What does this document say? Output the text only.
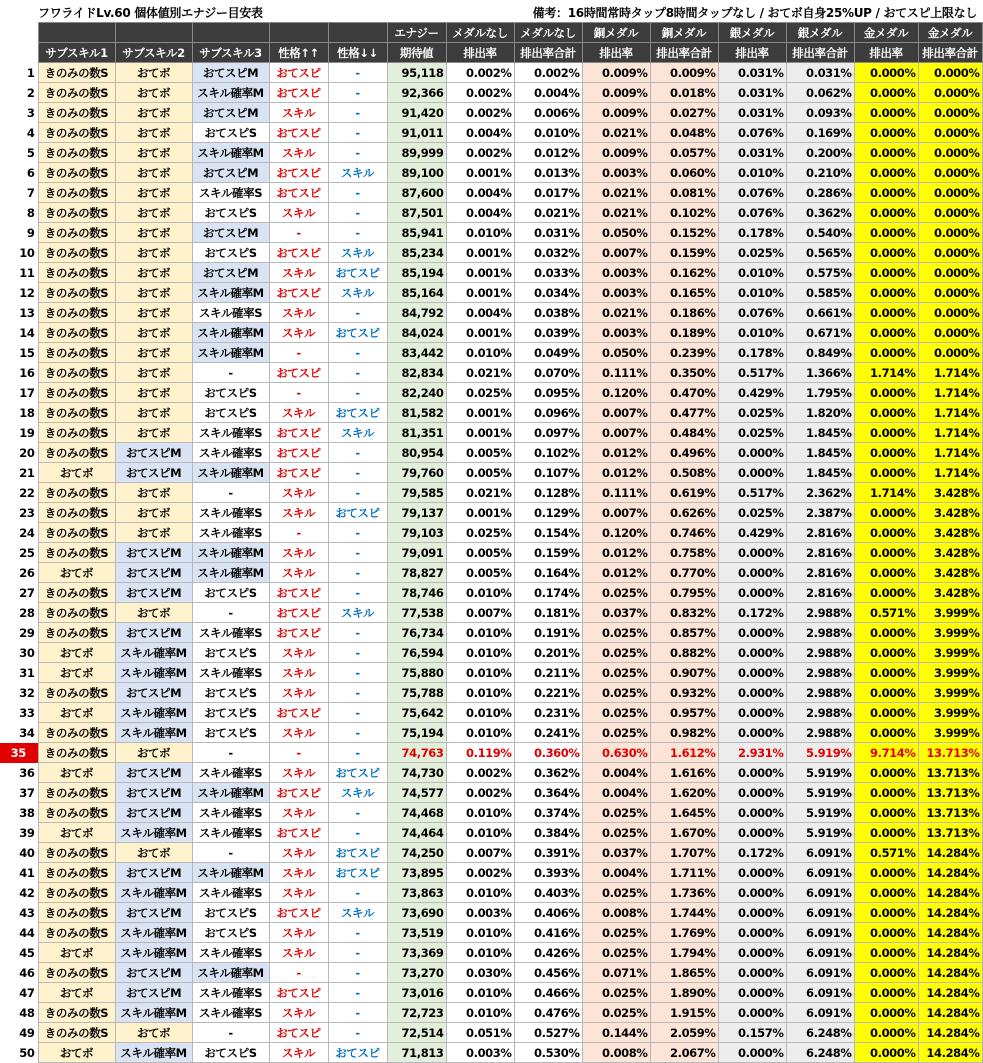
フワライドLv.60 個体値別エナジー目安表	備考：16時間常時タップ8時間タップなし / おてボ自身25%UP / おてスピ上限なし
						エナジー	メダルなし	メダルなし	銅メダル	銅メダル	銀メダル	銀メダル	金メダル	金メダル
	サブスキル1	サブスキル2	サブスキル3	性格↑↑	性格↓↓	期待値	排出率	排出率合計	排出率	排出率合計	排出率	排出率合計	排出率	排出率合計
1	きのみの数S	おてボ	おてスピM	おてスピ	-	95,118	0.002%	0.002%	0.009%	0.009%	0.031%	0.031%	0.000%	0.000%
2	きのみの数S	おてボ	スキル確率M	おてスピ	-	92,366	0.002%	0.004%	0.009%	0.018%	0.031%	0.062%	0.000%	0.000%
3	きのみの数S	おてボ	おてスピM	スキル	-	91,420	0.002%	0.006%	0.009%	0.027%	0.031%	0.093%	0.000%	0.000%
4	きのみの数S	おてボ	おてスピS	おてスピ	-	91,011	0.004%	0.010%	0.021%	0.048%	0.076%	0.169%	0.000%	0.000%
5	きのみの数S	おてボ	スキル確率M	スキル	-	89,999	0.002%	0.012%	0.009%	0.057%	0.031%	0.200%	0.000%	0.000%
6	きのみの数S	おてボ	おてスピM	おてスピ	スキル	89,100	0.001%	0.013%	0.003%	0.060%	0.010%	0.210%	0.000%	0.000%
7	きのみの数S	おてボ	スキル確率S	おてスピ	-	87,600	0.004%	0.017%	0.021%	0.081%	0.076%	0.286%	0.000%	0.000%
8	きのみの数S	おてボ	おてスピS	スキル	-	87,501	0.004%	0.021%	0.021%	0.102%	0.076%	0.362%	0.000%	0.000%
9	きのみの数S	おてボ	おてスピM	-	-	85,941	0.010%	0.031%	0.050%	0.152%	0.178%	0.540%	0.000%	0.000%
10	きのみの数S	おてボ	おてスピS	おてスピ	スキル	85,234	0.001%	0.032%	0.007%	0.159%	0.025%	0.565%	0.000%	0.000%
11	きのみの数S	おてボ	おてスピM	スキル	おてスピ	85,194	0.001%	0.033%	0.003%	0.162%	0.010%	0.575%	0.000%	0.000%
12	きのみの数S	おてボ	スキル確率M	おてスピ	スキル	85,164	0.001%	0.034%	0.003%	0.165%	0.010%	0.585%	0.000%	0.000%
13	きのみの数S	おてボ	スキル確率S	スキル	-	84,792	0.004%	0.038%	0.021%	0.186%	0.076%	0.661%	0.000%	0.000%
14	きのみの数S	おてボ	スキル確率M	スキル	おてスピ	84,024	0.001%	0.039%	0.003%	0.189%	0.010%	0.671%	0.000%	0.000%
15	きのみの数S	おてボ	スキル確率M	-	-	83,442	0.010%	0.049%	0.050%	0.239%	0.178%	0.849%	0.000%	0.000%
16	きのみの数S	おてボ	-	おてスピ	-	82,834	0.021%	0.070%	0.111%	0.350%	0.517%	1.366%	1.714%	1.714%
17	きのみの数S	おてボ	おてスピS	-	-	82,240	0.025%	0.095%	0.120%	0.470%	0.429%	1.795%	0.000%	1.714%
18	きのみの数S	おてボ	おてスピS	スキル	おてスピ	81,582	0.001%	0.096%	0.007%	0.477%	0.025%	1.820%	0.000%	1.714%
19	きのみの数S	おてボ	スキル確率S	おてスピ	スキル	81,351	0.001%	0.097%	0.007%	0.484%	0.025%	1.845%	0.000%	1.714%
20	きのみの数S	おてスピM	スキル確率S	おてスピ	-	80,954	0.005%	0.102%	0.012%	0.496%	0.000%	1.845%	0.000%	1.714%
21	おてボ	おてスピM	スキル確率M	おてスピ	-	79,760	0.005%	0.107%	0.012%	0.508%	0.000%	1.845%	0.000%	1.714%
22	きのみの数S	おてボ	-	スキル	-	79,585	0.021%	0.128%	0.111%	0.619%	0.517%	2.362%	1.714%	3.428%
23	きのみの数S	おてボ	スキル確率S	スキル	おてスピ	79,137	0.001%	0.129%	0.007%	0.626%	0.025%	2.387%	0.000%	3.428%
24	きのみの数S	おてボ	スキル確率S	-	-	79,103	0.025%	0.154%	0.120%	0.746%	0.429%	2.816%	0.000%	3.428%
25	きのみの数S	おてスピM	スキル確率M	スキル	-	79,091	0.005%	0.159%	0.012%	0.758%	0.000%	2.816%	0.000%	3.428%
26	おてボ	おてスピM	スキル確率M	スキル	-	78,827	0.005%	0.164%	0.012%	0.770%	0.000%	2.816%	0.000%	3.428%
27	きのみの数S	おてスピM	おてスピS	おてスピ	-	78,746	0.010%	0.174%	0.025%	0.795%	0.000%	2.816%	0.000%	3.428%
28	きのみの数S	おてボ	-	おてスピ	スキル	77,538	0.007%	0.181%	0.037%	0.832%	0.172%	2.988%	0.571%	3.999%
29	きのみの数S	おてスピM	スキル確率S	おてスピ	-	76,734	0.010%	0.191%	0.025%	0.857%	0.000%	2.988%	0.000%	3.999%
30	おてボ	スキル確率M	おてスピS	スキル	-	76,594	0.010%	0.201%	0.025%	0.882%	0.000%	2.988%	0.000%	3.999%
31	おてボ	スキル確率M	スキル確率S	スキル	-	75,880	0.010%	0.211%	0.025%	0.907%	0.000%	2.988%	0.000%	3.999%
32	きのみの数S	おてスピM	おてスピS	スキル	-	75,788	0.010%	0.221%	0.025%	0.932%	0.000%	2.988%	0.000%	3.999%
33	おてボ	スキル確率M	おてスピS	おてスピ	-	75,642	0.010%	0.231%	0.025%	0.957%	0.000%	2.988%	0.000%	3.999%
34	きのみの数S	スキル確率M	おてスピS	スキル	-	75,194	0.010%	0.241%	0.025%	0.982%	0.000%	2.988%	0.000%	3.999%
35	きのみの数S	おてボ	-	-	-	74,763	0.119%	0.360%	0.630%	1.612%	2.931%	5.919%	9.714%	13.713%
36	おてボ	おてスピM	スキル確率S	スキル	おてスピ	74,730	0.002%	0.362%	0.004%	1.616%	0.000%	5.919%	0.000%	13.713%
37	きのみの数S	おてスピM	スキル確率M	おてスピ	スキル	74,577	0.002%	0.364%	0.004%	1.620%	0.000%	5.919%	0.000%	13.713%
38	きのみの数S	おてスピM	スキル確率S	スキル	-	74,468	0.010%	0.374%	0.025%	1.645%	0.000%	5.919%	0.000%	13.713%
39	おてボ	スキル確率M	スキル確率S	おてスピ	-	74,464	0.010%	0.384%	0.025%	1.670%	0.000%	5.919%	0.000%	13.713%
40	きのみの数S	おてボ	-	スキル	おてスピ	74,250	0.007%	0.391%	0.037%	1.707%	0.172%	6.091%	0.571%	14.284%
41	きのみの数S	おてスピM	スキル確率M	スキル	おてスピ	73,895	0.002%	0.393%	0.004%	1.711%	0.000%	6.091%	0.000%	14.284%
42	きのみの数S	スキル確率M	スキル確率S	スキル	-	73,863	0.010%	0.403%	0.025%	1.736%	0.000%	6.091%	0.000%	14.284%
43	きのみの数S	おてスピM	おてスピS	おてスピ	スキル	73,690	0.003%	0.406%	0.008%	1.744%	0.000%	6.091%	0.000%	14.284%
44	きのみの数S	スキル確率M	おてスピS	スキル	-	73,519	0.010%	0.416%	0.025%	1.769%	0.000%	6.091%	0.000%	14.284%
45	おてボ	スキル確率M	スキル確率S	スキル	-	73,369	0.010%	0.426%	0.025%	1.794%	0.000%	6.091%	0.000%	14.284%
46	きのみの数S	おてスピM	スキル確率M	-	-	73,270	0.030%	0.456%	0.071%	1.865%	0.000%	6.091%	0.000%	14.284%
47	おてボ	おてスピM	スキル確率S	おてスピ	-	73,016	0.010%	0.466%	0.025%	1.890%	0.000%	6.091%	0.000%	14.284%
48	きのみの数S	スキル確率M	スキル確率S	スキル	-	72,723	0.010%	0.476%	0.025%	1.915%	0.000%	6.091%	0.000%	14.284%
49	きのみの数S	おてボ	-	おてスピ	-	72,514	0.051%	0.527%	0.144%	2.059%	0.157%	6.248%	0.000%	14.284%
50	おてボ	スキル確率M	おてスピS	スキル	おてスピ	71,813	0.003%	0.530%	0.008%	2.067%	0.000%	6.248%	0.000%	14.284%
